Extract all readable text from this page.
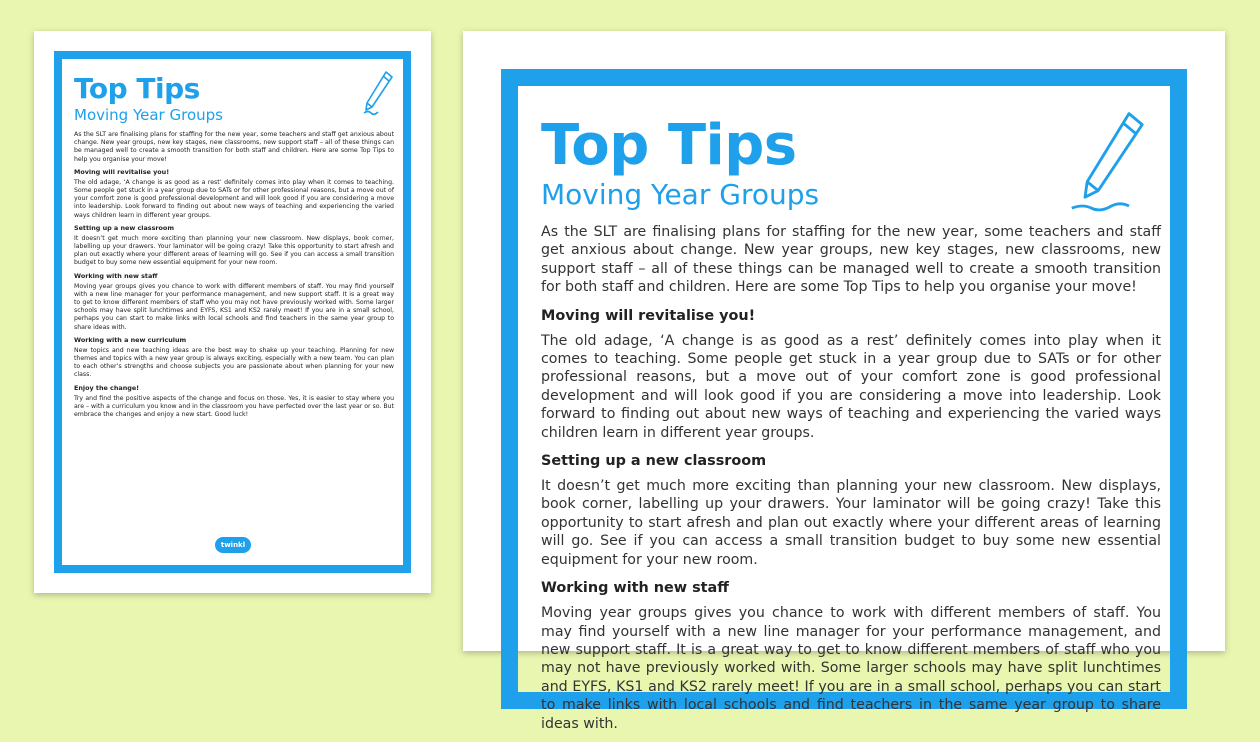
Top Tips
Moving Year Groups

As the SLT are finalising plans for staffing for the new year, some teachers and staff get anxious about change. New year groups, new key stages, new classrooms, new support staff – all of these things can be managed well to create a smooth transition for both staff and children. Here are some Top Tips to help you organise your move!

Moving will revitalise you!

The old adage, ‘A change is as good as a rest’ definitely comes into play when it comes to teaching. Some people get stuck in a year group due to SATs or for other professional reasons, but a move out of your comfort zone is good professional development and will look good if you are considering a move into leadership. Look forward to finding out about new ways of teaching and experiencing the varied ways children learn in different year groups.

Setting up a new classroom

It doesn’t get much more exciting than planning your new classroom. New displays, book corner, labelling up your drawers. Your laminator will be going crazy! Take this opportunity to start afresh and plan out exactly where your different areas of learning will go. See if you can access a small transition budget to buy some new essential equipment for your new room.

Working with new staff

Moving year groups gives you chance to work with different members of staff. You may find yourself with a new line manager for your performance management, and new support staff. It is a great way to get to know different members of staff who you may not have previously worked with. Some larger schools may have split lunchtimes and EYFS, KS1 and KS2 rarely meet! If you are in a small school, perhaps you can start to make links with local schools and find teachers in the same year group to share ideas with.

Working with a new curriculum

New topics and new teaching ideas are the best way to shake up your teaching. Planning for new themes and topics with a new year group is always exciting, especially with a new team. You can plan to each other’s strengths and choose subjects you are passionate about when planning for your new class.

Enjoy the change!

Try and find the positive aspects of the change and focus on those. Yes, it is easier to stay where you are – with a curriculum you know and in the classroom you have perfected over the last year or so. But embrace the changes and enjoy a new start. Good luck!

twinkl
Top Tips
Moving Year Groups

As the SLT are finalising plans for staffing for the new year, some teachers and staff get anxious about change. New year groups, new key stages, new classrooms, new support staff – all of these things can be managed well to create a smooth transition for both staff and children. Here are some Top Tips to help you organise your move!

Moving will revitalise you!

The old adage, ‘A change is as good as a rest’ definitely comes into play when it comes to teaching. Some people get stuck in a year group due to SATs or for other professional reasons, but a move out of your comfort zone is good professional development and will look good if you are considering a move into leadership. Look forward to finding out about new ways of teaching and experiencing the varied ways children learn in different year groups.

Setting up a new classroom

It doesn’t get much more exciting than planning your new classroom. New displays, book corner, labelling up your drawers. Your laminator will be going crazy! Take this opportunity to start afresh and plan out exactly where your different areas of learning will go. See if you can access a small transition budget to buy some new essential equipment for your new room.

Working with new staff

Moving year groups gives you chance to work with different members of staff. You may find yourself with a new line manager for your performance management, and new support staff. It is a great way to get to know different members of staff who you may not have previously worked with. Some larger schools may have split lunchtimes and EYFS, KS1 and KS2 rarely meet! If you are in a small school, perhaps you can start to make links with local schools and find teachers in the same year group to share ideas with.
